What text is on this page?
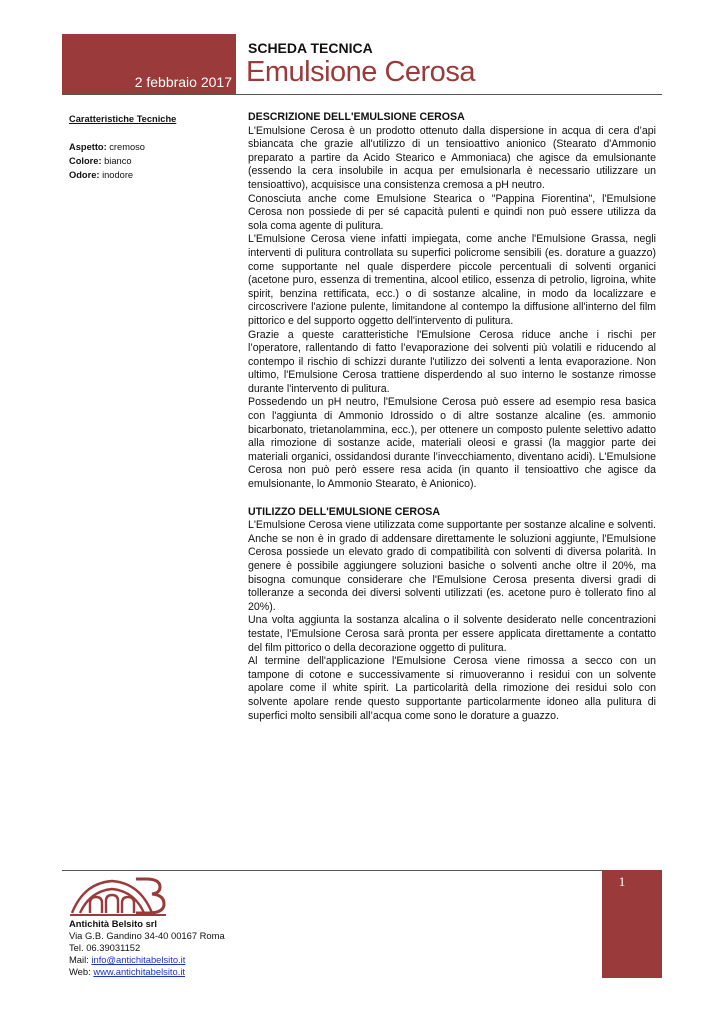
2 febbraio 2017
SCHEDA TECNICA
Emulsione Cerosa
Caratteristiche Tecniche
Aspetto: cremoso
Colore: bianco
Odore: inodore

DESCRIZIONE DELL'EMULSIONE CEROSA

L'Emulsione Cerosa è un prodotto ottenuto dalla dispersione in acqua di cera d’api sbiancata che grazie all'utilizzo di un tensioattivo anionico (Stearato d'Ammonio preparato a partire da Acido Stearico e Ammoniaca) che agisce da emulsionante (essendo la cera insolubile in acqua per emulsionarla è necessario utilizzare un tensioattivo), acquisisce una consistenza cremosa a pH neutro.

Conosciuta anche come Emulsione Stearica o "Pappina Fiorentina", l'Emulsione Cerosa non possiede di per sé capacità pulenti e quindi non può essere utilizza da sola coma agente di pulitura.

L'Emulsione Cerosa viene infatti impiegata, come anche l'Emulsione Grassa, negli interventi di pulitura controllata su superfici policrome sensibili (es. dorature a guazzo) come supportante nel quale disperdere piccole percentuali di solventi organici (acetone puro, essenza di trementina, alcool etilico, essenza di petrolio, ligroina, white spirit, benzina rettificata, ecc.) o di sostanze alcaline, in modo da localizzare e circoscrivere l'azione pulente, limitandone al contempo la diffusione all'interno del film pittorico e del supporto oggetto dell'intervento di pulitura.

Grazie a queste caratteristiche l'Emulsione Cerosa riduce anche i rischi per l’operatore, rallentando di fatto l’evaporazione dei solventi più volatili e riducendo al contempo il rischio di schizzi durante l'utilizzo dei solventi a lenta evaporazione. Non ultimo, l'Emulsione Cerosa trattiene disperdendo al suo interno le sostanze rimosse durante l'intervento di pulitura.

Possedendo un pH neutro, l'Emulsione Cerosa può essere ad esempio resa basica con l'aggiunta di Ammonio Idrossido o di altre sostanze alcaline (es. ammonio bicarbonato, trietanolammina, ecc.), per ottenere un composto pulente selettivo adatto alla rimozione di sostanze acide, materiali oleosi e grassi (la maggior parte dei materiali organici, ossidandosi durante l’invecchiamento, diventano acidi). L'Emulsione Cerosa non può però essere resa acida (in quanto il tensioattivo che agisce da emulsionante, lo Ammonio Stearato, è Anionico).

UTILIZZO DELL'EMULSIONE CEROSA

L'Emulsione Cerosa viene utilizzata come supportante per sostanze alcaline e solventi. Anche se non è in grado di addensare direttamente le soluzioni aggiunte, l'Emulsione Cerosa possiede un elevato grado di compatibilità con solventi di diversa polarità. In genere è possibile aggiungere soluzioni basiche o solventi anche oltre il 20%, ma bisogna comunque considerare che l'Emulsione Cerosa presenta diversi gradi di tolleranze a seconda dei diversi solventi utilizzati (es. acetone puro è tollerato fino al 20%).

Una volta aggiunta la sostanza alcalina o il solvente desiderato nelle concentrazioni testate, l'Emulsione Cerosa sarà pronta per essere applicata direttamente a contatto del film pittorico o della decorazione oggetto di pulitura.

Al termine dell'applicazione l'Emulsione Cerosa viene rimossa a secco con un tampone di cotone e successivamente si rimuoveranno i residui con un solvente apolare come il white spirit. La particolarità della rimozione dei residui solo con solvente apolare rende questo supportante particolarmente idoneo alla pulitura di superfici molto sensibili all’acqua come sono le dorature a guazzo.

1
Antichità Belsito srl
Via G.B. Gandino 34-40 00167 Roma
Tel. 06.39031152
Mail: info@antichitabelsito.it
Web: www.antichitabelsito.it
